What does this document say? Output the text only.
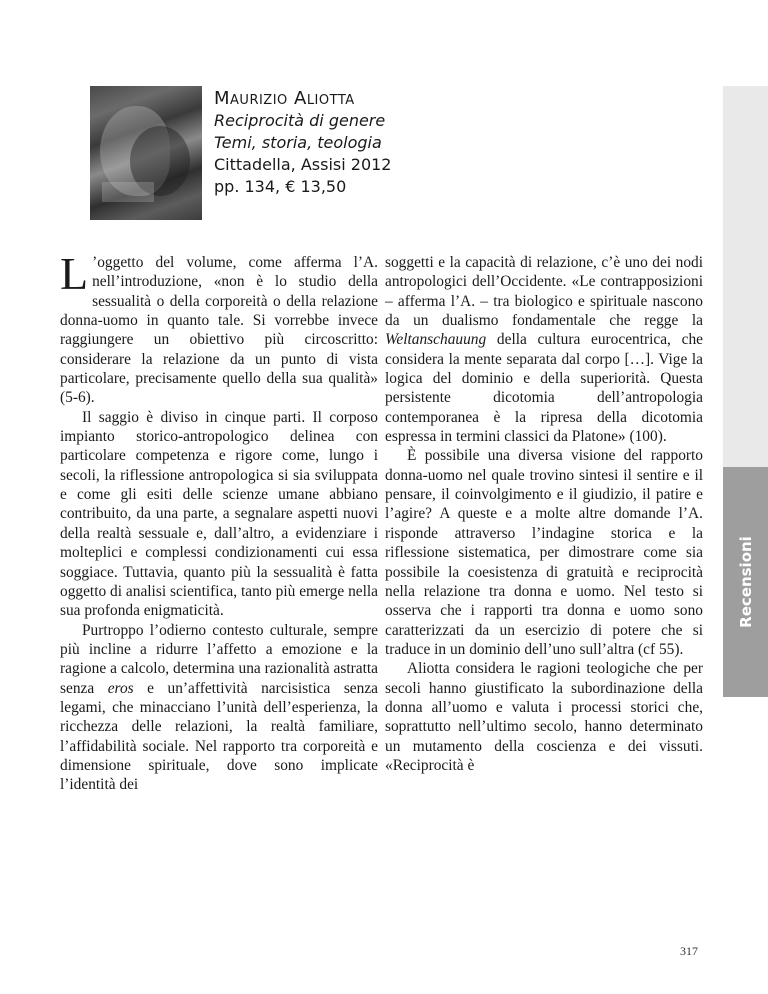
Maurizio Aliotta
Reciprocità di genere
Temi, storia, teologia
Cittadella, Assisi 2012
pp. 134, € 13,50
Recensioni

L ’oggetto del volume, come afferma l’A. nell’introduzione, «non è lo studio della sessualità o della corporeità o della relazione donna-uomo in quanto tale. Si vorrebbe invece raggiungere un obiettivo più circoscritto: considerare la relazione da un punto di vista particolare, precisamente quello della sua qualità» (5-6).

Il saggio è diviso in cinque parti. Il corposo impianto storico-antropologico delinea con particolare competenza e rigore come, lungo i secoli, la riflessione antropologica si sia sviluppata e come gli esiti delle scienze umane abbiano contribuito, da una parte, a segnalare aspetti nuovi della realtà sessuale e, dall’altro, a evidenziare i molteplici e complessi condizionamenti cui essa soggiace. Tuttavia, quanto più la sessualità è fatta oggetto di analisi scientifica, tanto più emerge nella sua profonda enigmaticità.

Purtroppo l’odierno contesto culturale, sempre più incline a ridurre l’affetto a emozione e la ragione a calcolo, determina una razionalità astratta senza eros e un’affettività narcisistica senza legami, che minacciano l’unità dell’esperienza, la ricchezza delle relazioni, la realtà familiare, l’affidabilità sociale. Nel rapporto tra corporeità e dimensione spirituale, dove sono implicate l’identità dei

soggetti e la capacità di relazione, c’è uno dei nodi antropologici dell’Occidente. «Le contrapposizioni – afferma l’A. – tra biologico e spirituale nascono da un dualismo fondamentale che regge la Weltanschauung della cultura eurocentrica, che considera la mente separata dal corpo […]. Vige la logica del dominio e della superiorità. Questa persistente dicotomia dell’antropologia contemporanea è la ripresa della dicotomia espressa in termini classici da Platone» (100).

È possibile una diversa visione del rapporto donna-uomo nel quale trovino sintesi il sentire e il pensare, il coinvolgimento e il giudizio, il patire e l’agire? A queste e a molte altre domande l’A. risponde attraverso l’indagine storica e la riflessione sistematica, per dimostrare come sia possibile la coesistenza di gratuità e reciprocità nella relazione tra donna e uomo. Nel testo si osserva che i rapporti tra donna e uomo sono caratterizzati da un esercizio di potere che si traduce in un dominio dell’uno sull’altra (cf 55).

Aliotta considera le ragioni teologiche che per secoli hanno giustificato la subordinazione della donna all’uomo e valuta i processi storici che, soprattutto nell’ultimo secolo, hanno determinato un mutamento della coscienza e dei vissuti. «Reciprocità è

317
